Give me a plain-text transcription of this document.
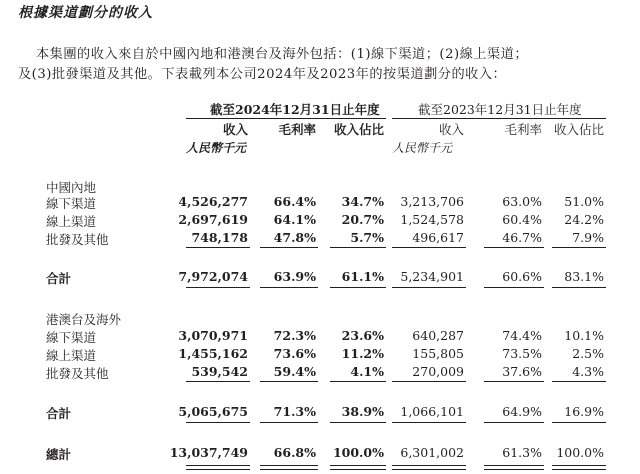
根據渠道劃分的收入
本集團的收入來自於中國內地和港澳台及海外包括：(1)線下渠道；(2)線上渠道；
及(3)批發渠道及其他。下表載列本公司2024年及2023年的按渠道劃分的收入：
截至2024年12月31日止年度	截至2023年12月31日止年度
收入 毛利率 收入佔比	收入	毛利率 收入佔比
人民幣千元	人民幣千元
中國內地
線下渠道	4,526,277 66.4% 34.7% 3,213,706	63.0% 51.0%
線上渠道	2,697,619 64.1% 20.7% 1,524,578	60.4% 24.2%
批發及其他	748,178 47.8%	5.7% 496,617	46.7% 7.9%
合計	7,972,074 63.9% 61.1% 5,234,901	60.6% 83.1%
港澳台及海外
線下渠道	3,070,971 72.3% 23.6% 640,287	74.4% 10.1%
線上渠道	1,455,162 73.6% 11.2% 155,805	73.5% 2.5%
批發及其他	539,542 59.4%	4.1% 270,009	37.6% 4.3%
合計	5,065,675 71.3% 38.9% 1,066,101	64.9% 16.9%
總計	13,037,749 66.8% 100.0% 6,301,002	61.3% 100.0%
